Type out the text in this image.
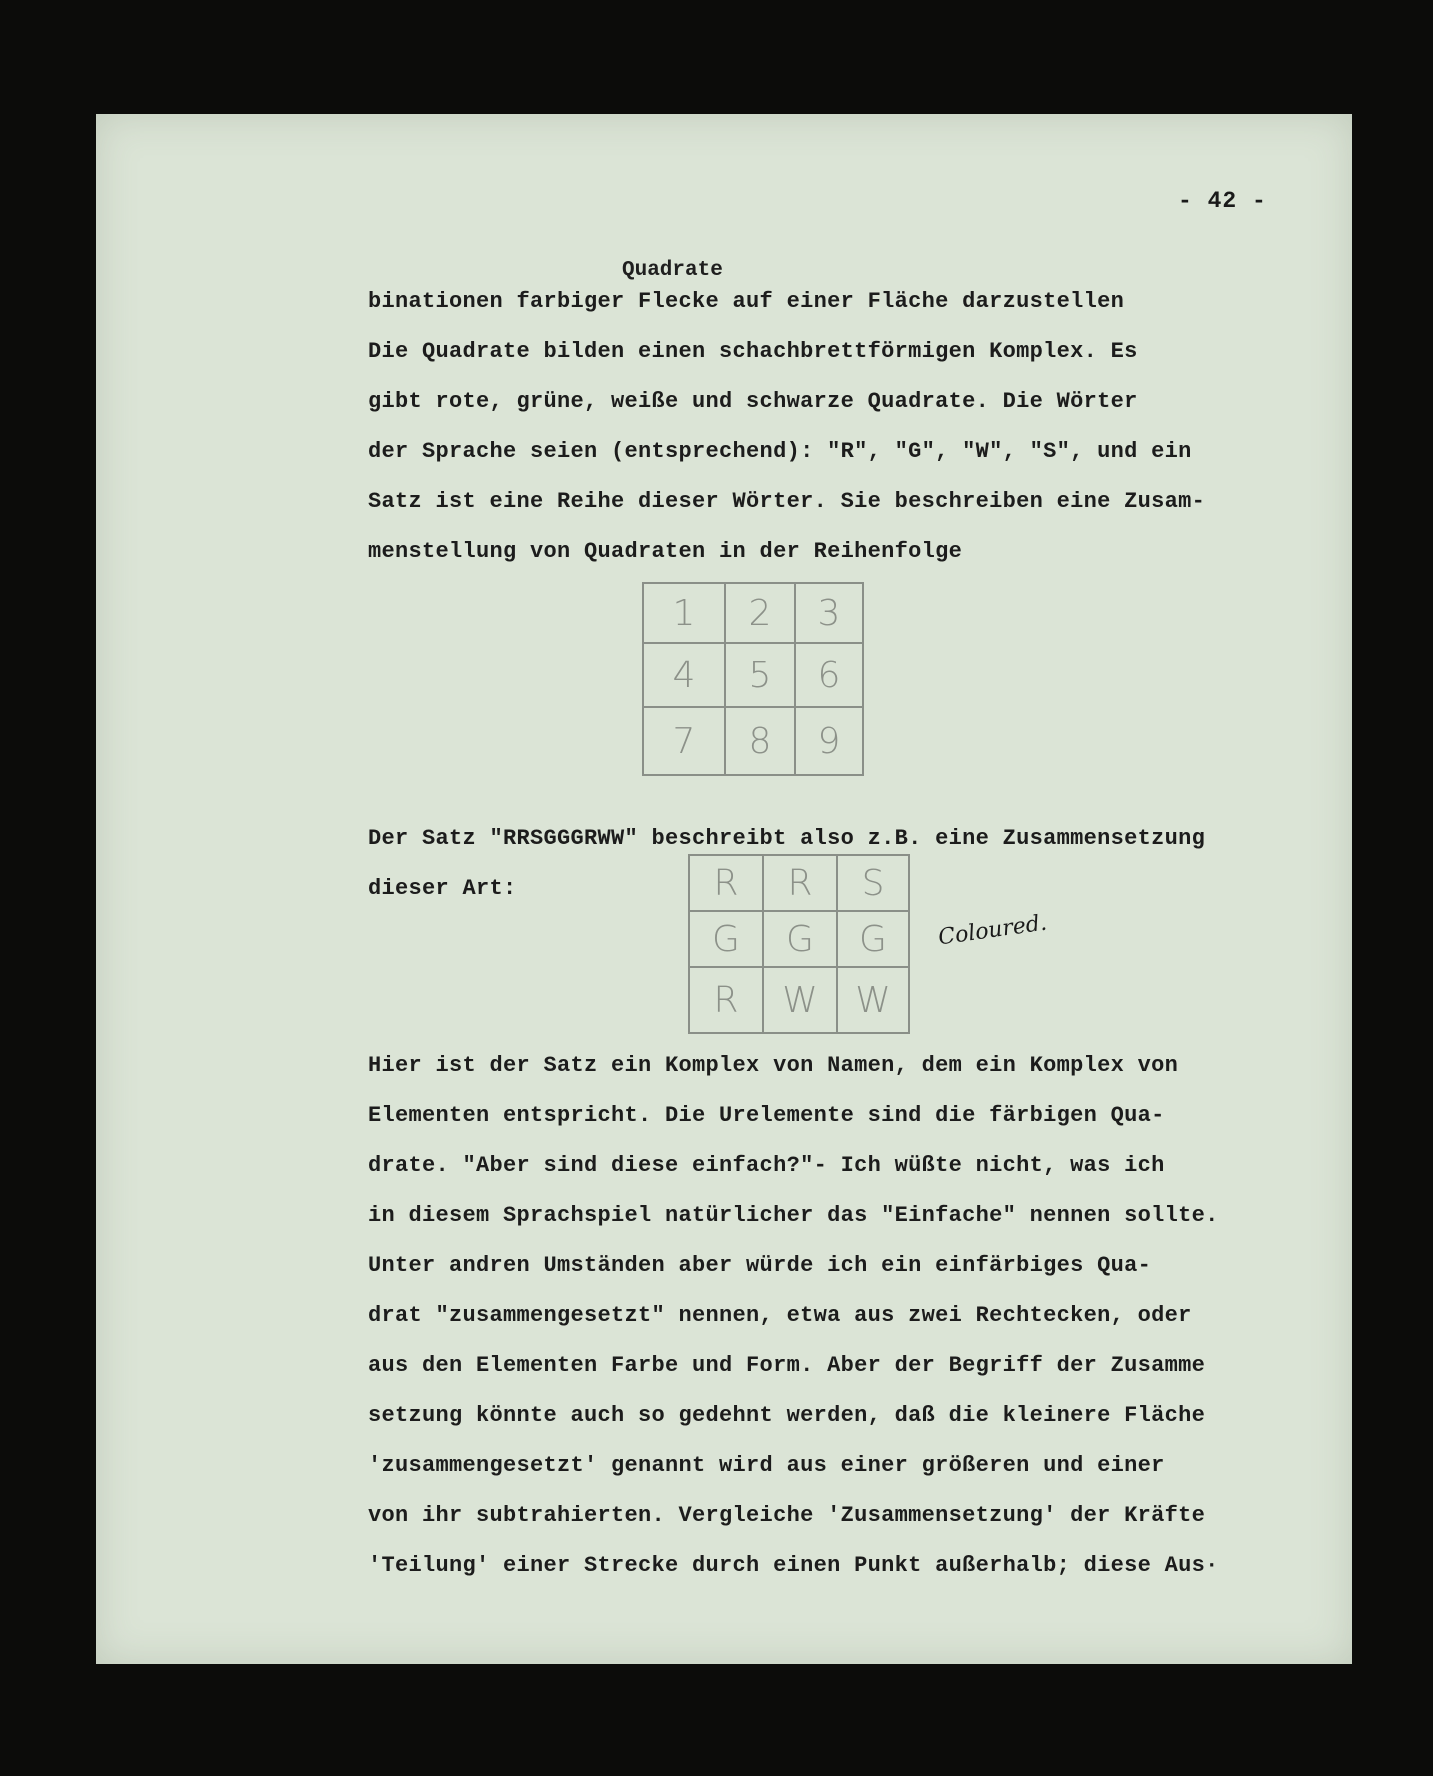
- 42 -
Quadrate
binationen farbiger Flecke auf einer Fläche darzustellen
Die Quadrate bilden einen schachbrettförmigen Komplex. Es
gibt rote, grüne, weiße und schwarze Quadrate. Die Wörter
der Sprache seien (entsprechend): "R", "G", "W", "S", und ein
Satz ist eine Reihe dieser Wörter. Sie beschreiben eine Zusam-
menstellung von Quadraten in der Reihenfolge
1	2	3
4	5	6
7	8	9
Der Satz "RRSGGGRWW" beschreibt also z.B. eine Zusammensetzung
dieser Art:	R	R	S
G	G	G
R	W	W
Coloured.
Hier ist der Satz ein Komplex von Namen, dem ein Komplex von
Elementen entspricht. Die Urelemente sind die färbigen Qua-
drate. "Aber sind diese einfach?"- Ich wüßte nicht, was ich
in diesem Sprachspiel natürlicher das "Einfache" nennen sollte.
Unter andren Umständen aber würde ich ein einfärbiges Qua-
drat "zusammengesetzt" nennen, etwa aus zwei Rechtecken, oder
aus den Elementen Farbe und Form. Aber der Begriff der Zusamme
setzung könnte auch so gedehnt werden, daß die kleinere Fläche
'zusammengesetzt' genannt wird aus einer größeren und einer
von ihr subtrahierten. Vergleiche 'Zusammensetzung' der Kräfte
'Teilung' einer Strecke durch einen Punkt außerhalb; diese Aus·
